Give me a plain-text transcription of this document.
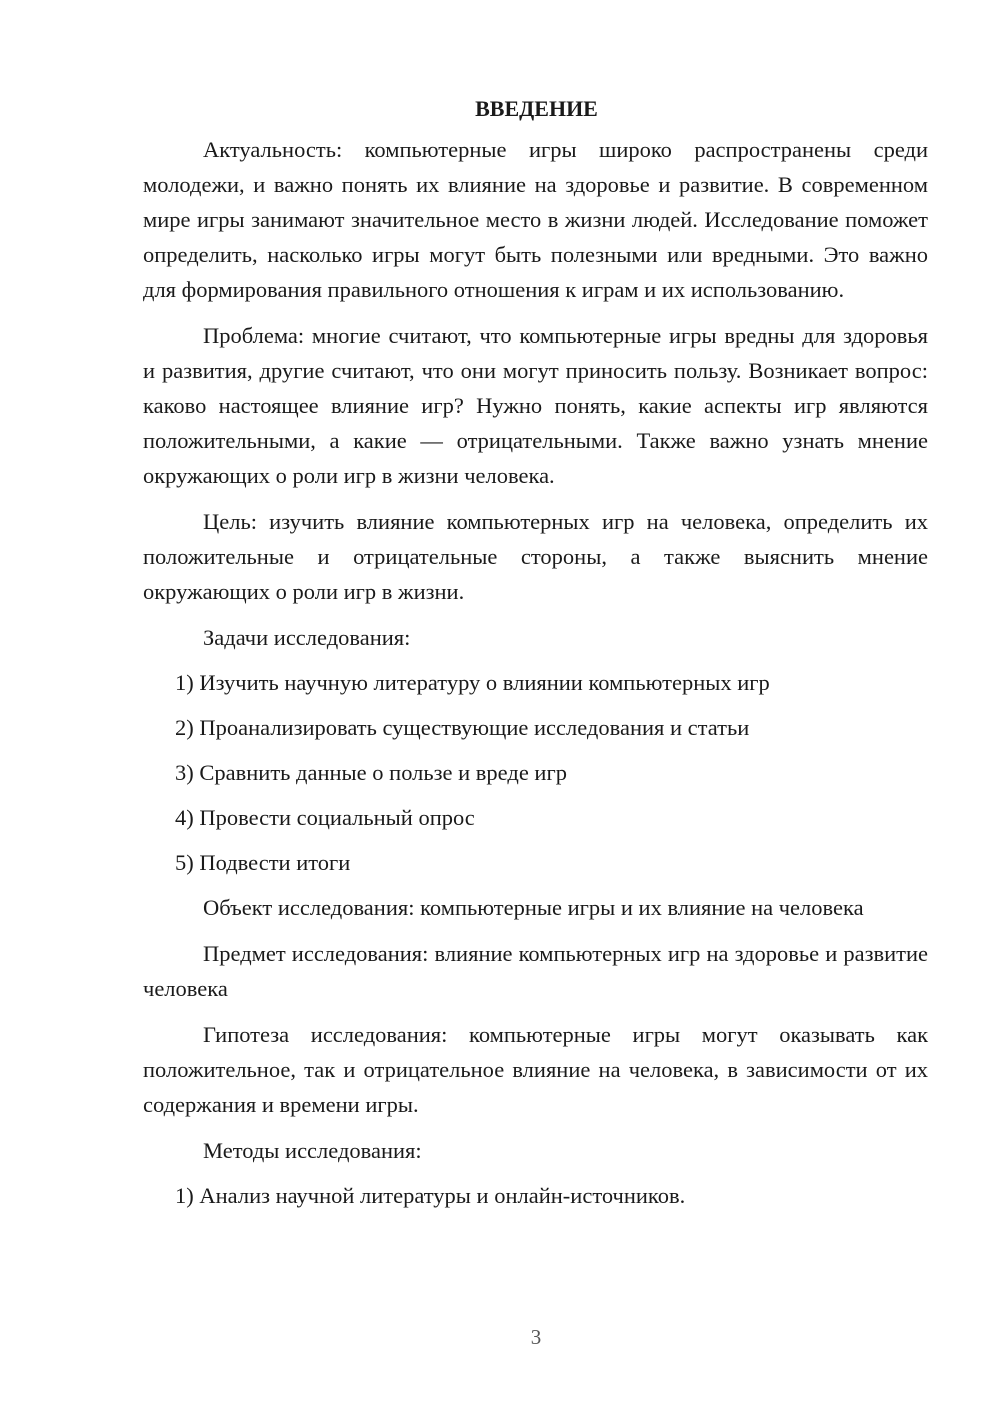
ВВЕДЕНИЕ

Актуальность: компьютерные игры широко распространены среди молодежи, и важно понять их влияние на здоровье и развитие. В современном мире игры занимают значительное место в жизни людей. Исследование поможет определить, насколько игры могут быть полезными или вредными. Это важно для формирования правильного отношения к играм и их использованию.

Проблема: многие считают, что компьютерные игры вредны для здоровья и развития, другие считают, что они могут приносить пользу. Возникает вопрос: каково настоящее влияние игр? Нужно понять, какие аспекты игр являются положительными, а какие — отрицательными. Также важно узнать мнение окружающих о роли игр в жизни человека.

Цель: изучить влияние компьютерных игр на человека, определить их положительные и отрицательные стороны, а также выяснить мнение окружающих о роли игр в жизни.

Задачи исследования:

1) Изучить научную литературу о влиянии компьютерных игр
2) Проанализировать существующие исследования и статьи
3) Сравнить данные о пользе и вреде игр
4) Провести социальный опрос
5) Подвести итоги

Объект исследования: компьютерные игры и их влияние на человека

Предмет исследования: влияние компьютерных игр на здоровье и развитие человека

Гипотеза исследования: компьютерные игры могут оказывать как положительное, так и отрицательное влияние на человека, в зависимости от их содержания и времени игры.

Методы исследования:

1) Анализ научной литературы и онлайн-источников.
3
